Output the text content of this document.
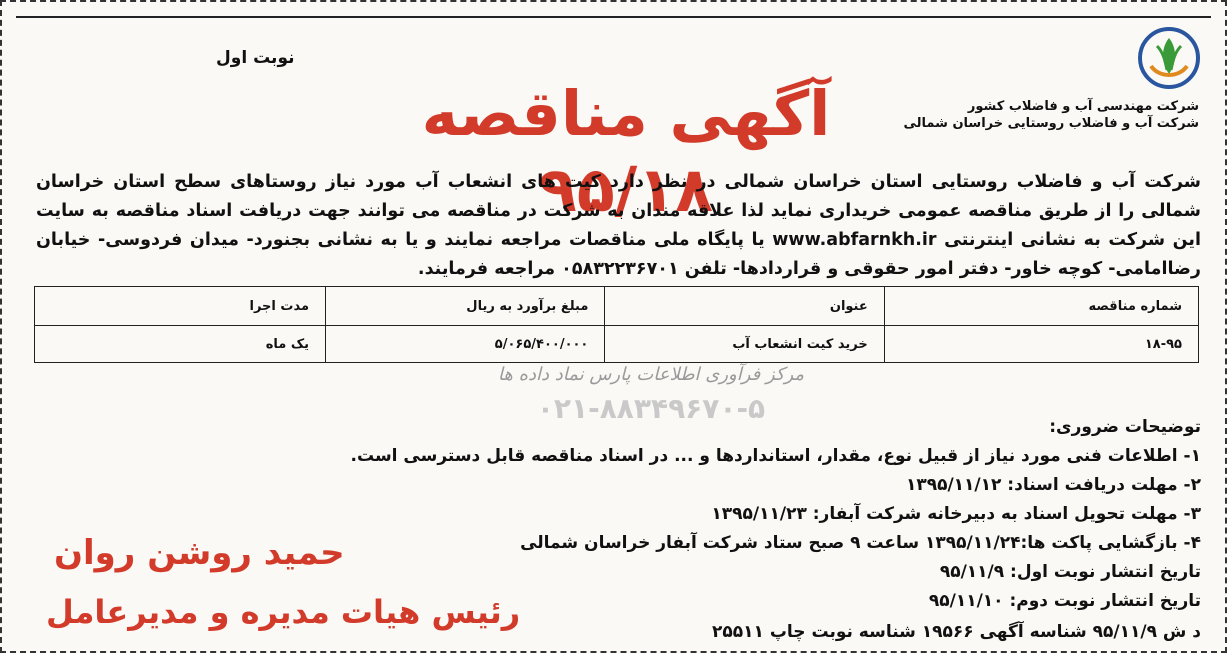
شرکت مهندسی آب و فاضلاب کشور
شرکت آب و فاضلاب روستایی خراسان شمالی
نوبت اول
آگهی مناقصه ۹۵/۱۸
شرکت آب و فاضلاب روستایی استان خراسان شمالی در نظر دارد کیت های انشعاب آب مورد نیاز روستاهای سطح استان خراسان شمالی را از طریق مناقصه عمومی خریداری نماید لذا علاقه مندان به شرکت در مناقصه می توانند جهت دریافت اسناد مناقصه به سایت این شرکت به نشانی اینترنتی www.abfarnkh.ir یا پایگاه ملی مناقصات مراجعه نمایند و یا به نشانی بجنورد- میدان فردوسی- خیابان رضاامامی- کوچه خاور- دفتر امور حقوقی و قراردادها- تلفن ۰۵۸۳۲۲۳۶۷۰۱ مراجعه فرمایند.
شماره مناقصه	عنوان	مبلغ برآورد به ریال	مدت اجرا
۱۸-۹۵	خرید کیت انشعاب آب	۵/۰۶۵/۴۰۰/۰۰۰	یک ماه
مرکز فرآوری اطلاعات پارس نماد داده ها
۰۲۱-۸۸۳۴۹۶۷۰-۵
توضیحات ضروری:
۱- اطلاعات فنی مورد نیاز از قبیل نوع، مقدار، استانداردها و ... در اسناد مناقصه قابل دسترسی است.
۲- مهلت دریافت اسناد: ۱۳۹۵/۱۱/۱۲
۳- مهلت تحویل اسناد به دبیرخانه شرکت آبفار: ۱۳۹۵/۱۱/۲۳
۴- بازگشایی پاکت ها:۱۳۹۵/۱۱/۲۴ ساعت ۹ صبح ستاد شرکت آبفار خراسان شمالی
تاریخ انتشار نوبت اول: ۹۵/۱۱/۹
تاریخ انتشار نوبت دوم: ۹۵/۱۱/۱۰
د ش ۹۵/۱۱/۹ شناسه آگهی ۱۹۵۶۶ شناسه نوبت چاپ ۲۵۵۱۱
حمید روشن روان
رئیس هیات مدیره و مدیرعامل
